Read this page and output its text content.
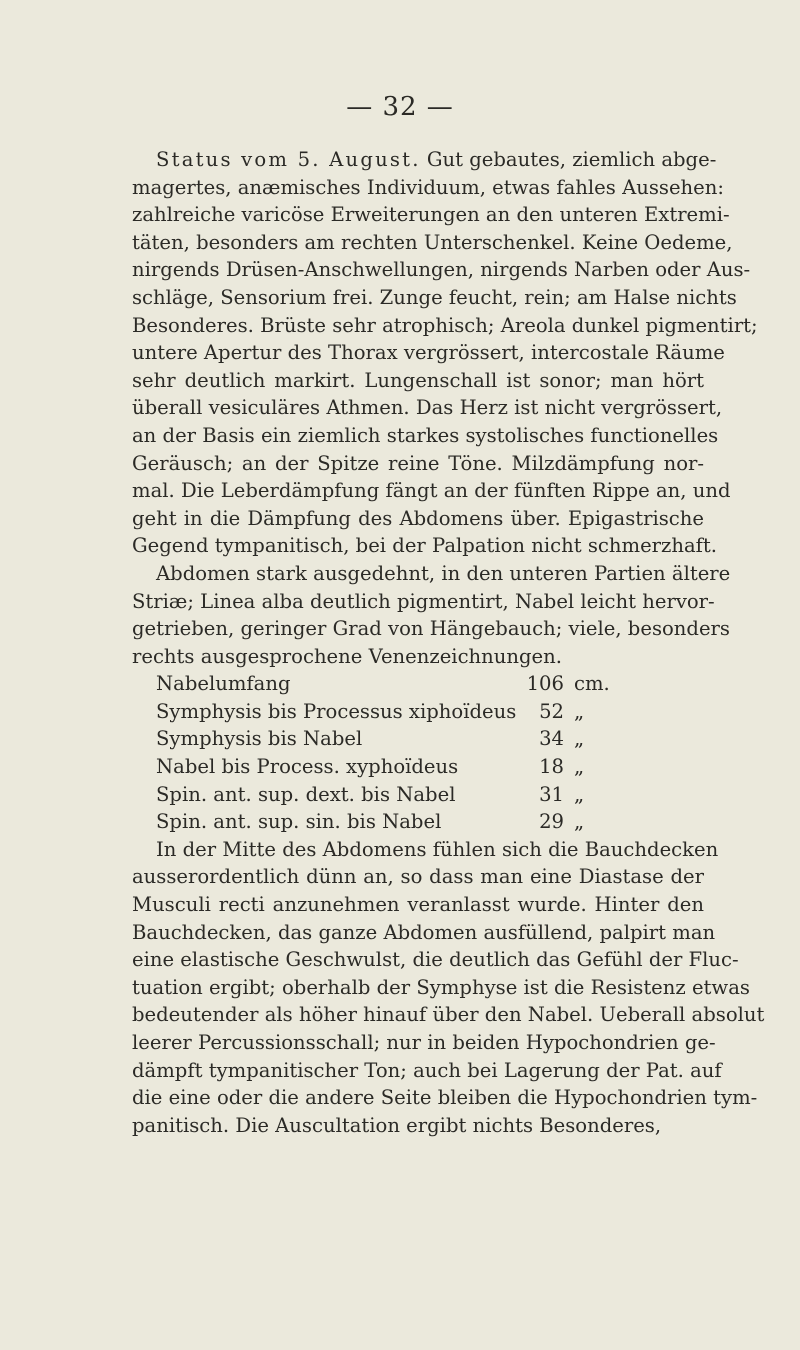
— 32 —
Status vom 5. August. Gut gebautes, ziemlich abge-
magertes, anæmisches Individuum, etwas fahles Aussehen:
zahlreiche varicöse Erweiterungen an den unteren Extremi-
täten, besonders am rechten Unterschenkel. Keine Oedeme,
nirgends Drüsen-Anschwellungen, nirgends Narben oder Aus-
schläge, Sensorium frei. Zunge feucht, rein; am Halse nichts
Besonderes. Brüste sehr atrophisch; Areola dunkel pigmentirt;
untere Apertur des Thorax vergrössert, intercostale Räume
sehr deutlich markirt. Lungenschall ist sonor; man hört
überall vesiculäres Athmen. Das Herz ist nicht vergrössert,
an der Basis ein ziemlich starkes systolisches functionelles
Geräusch; an der Spitze reine Töne. Milzdämpfung nor-
mal. Die Leberdämpfung fängt an der fünften Rippe an, und
geht in die Dämpfung des Abdomens über. Epigastrische
Gegend tympanitisch, bei der Palpation nicht schmerzhaft.
Abdomen stark ausgedehnt, in den unteren Partien ältere
Striæ; Linea alba deutlich pigmentirt, Nabel leicht hervor-
getrieben, geringer Grad von Hängebauch; viele, besonders
rechts ausgesprochene Venenzeichnungen.
Nabelumfang	106 cm.
Symphysis bis Processus xiphoïdeus	52 „
Symphysis bis Nabel	34 „
Nabel bis Process. xyphoïdeus	18 „
Spin. ant. sup. dext. bis Nabel	31 „
Spin. ant. sup. sin. bis Nabel	29 „
In der Mitte des Abdomens fühlen sich die Bauchdecken
ausserordentlich dünn an, so dass man eine Diastase der
Musculi recti anzunehmen veranlasst wurde. Hinter den
Bauchdecken, das ganze Abdomen ausfüllend, palpirt man
eine elastische Geschwulst, die deutlich das Gefühl der Fluc-
tuation ergibt; oberhalb der Symphyse ist die Resistenz etwas
bedeutender als höher hinauf über den Nabel. Ueberall absolut
leerer Percussionsschall; nur in beiden Hypochondrien ge-
dämpft tympanitischer Ton; auch bei Lagerung der Pat. auf
die eine oder die andere Seite bleiben die Hypochondrien tym-
panitisch. Die Auscultation ergibt nichts Besonderes,
